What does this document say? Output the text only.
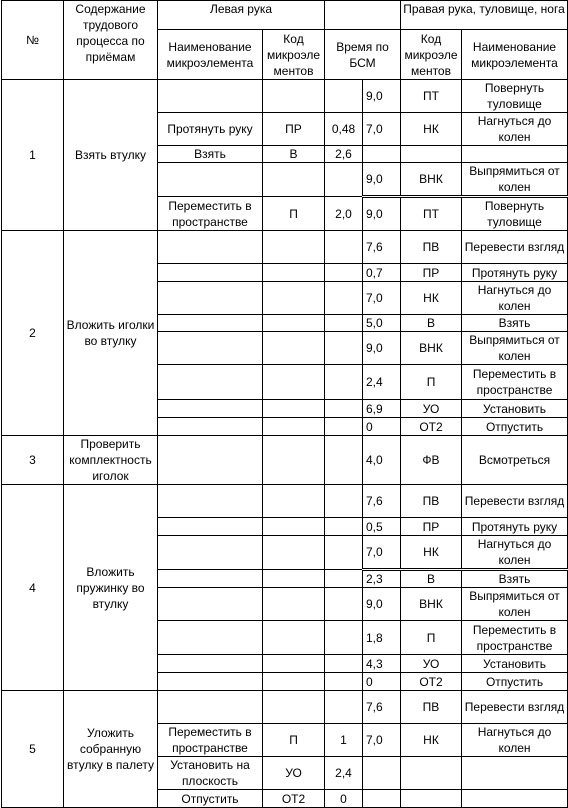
№	Содержание трудового процесса по приёмам	Левая рука				Правая рука, туловище, нога	
		Наименование микроэлемента	Код микроэле ментов	Время по БСМ		Код микроэле ментов	Наименование микроэлемента
1	Взять втулку				9,0	ПТ	Повернуть туловище
		Протянуть руку	ПР	0,48	7,0	НК	Нагнуться до колен
		Взять	В	2,6			
					9,0	ВНК	Выпрямиться от колен
		Переместить в пространстве	П	2,0	9,0	ПТ	Повернуть туловище
2	Вложить иголки во втулку				7,6	ПВ	Перевести взгляд
					0,7	ПР	Протянуть руку
					7,0	НК	Нагнуться до колен
					5,0	В	Взять
					9,0	ВНК	Выпрямиться от колен
					2,4	П	Переместить в пространстве
					6,9	УО	Установить
					0	ОТ2	Отпустить
3	Проверить комплектность иголок				4,0	ФВ	Всмотреться
4	Вложить пружинку во втулку				7,6	ПВ	Перевести взгляд
					0,5	ПР	Протянуть руку
					7,0	НК	Нагнуться до колен
					2,3	В	Взять
					9,0	ВНК	Выпрямиться от колен
					1,8	П	Переместить в пространстве
					4,3	УО	Установить
					0	ОТ2	Отпустить
5	Уложить собранную втулку в палету				7,6	ПВ	Перевести взгляд
		Переместить в пространстве	П	1	7,0	НК	Нагнуться до колен
		Установить на плоскость	УО	2,4			
		Отпустить	ОТ2	0			
